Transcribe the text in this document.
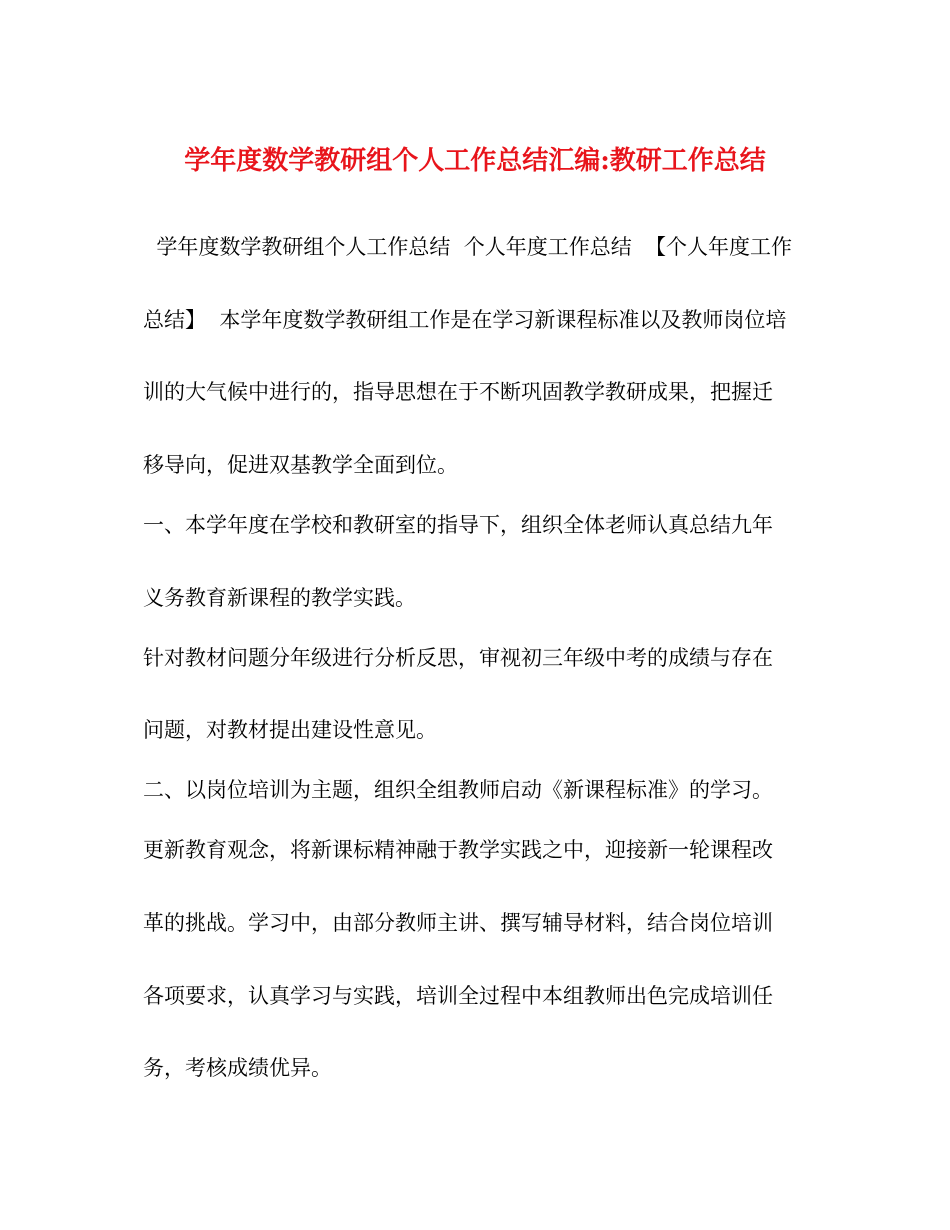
学年度数学教研组个人工作总结汇编:教研工作总结
学年度数学教研组个人工作总结  个人年度工作总结  【个人年度工作
总结】  本学年度数学教研组工作是在学习新课程标准以及教师岗位培
训的大气候中进行的，指导思想在于不断巩固教学教研成果，把握迁
移导向，促进双基教学全面到位。
一、本学年度在学校和教研室的指导下，组织全体老师认真总结九年
义务教育新课程的教学实践。
针对教材问题分年级进行分析反思，审视初三年级中考的成绩与存在
问题，对教材提出建设性意见。
二、以岗位培训为主题，组织全组教师启动《新课程标准》的学习。
更新教育观念，将新课标精神融于教学实践之中，迎接新一轮课程改
革的挑战。学习中，由部分教师主讲、撰写辅导材料，结合岗位培训
各项要求，认真学习与实践，培训全过程中本组教师出色完成培训任
务，考核成绩优异。
